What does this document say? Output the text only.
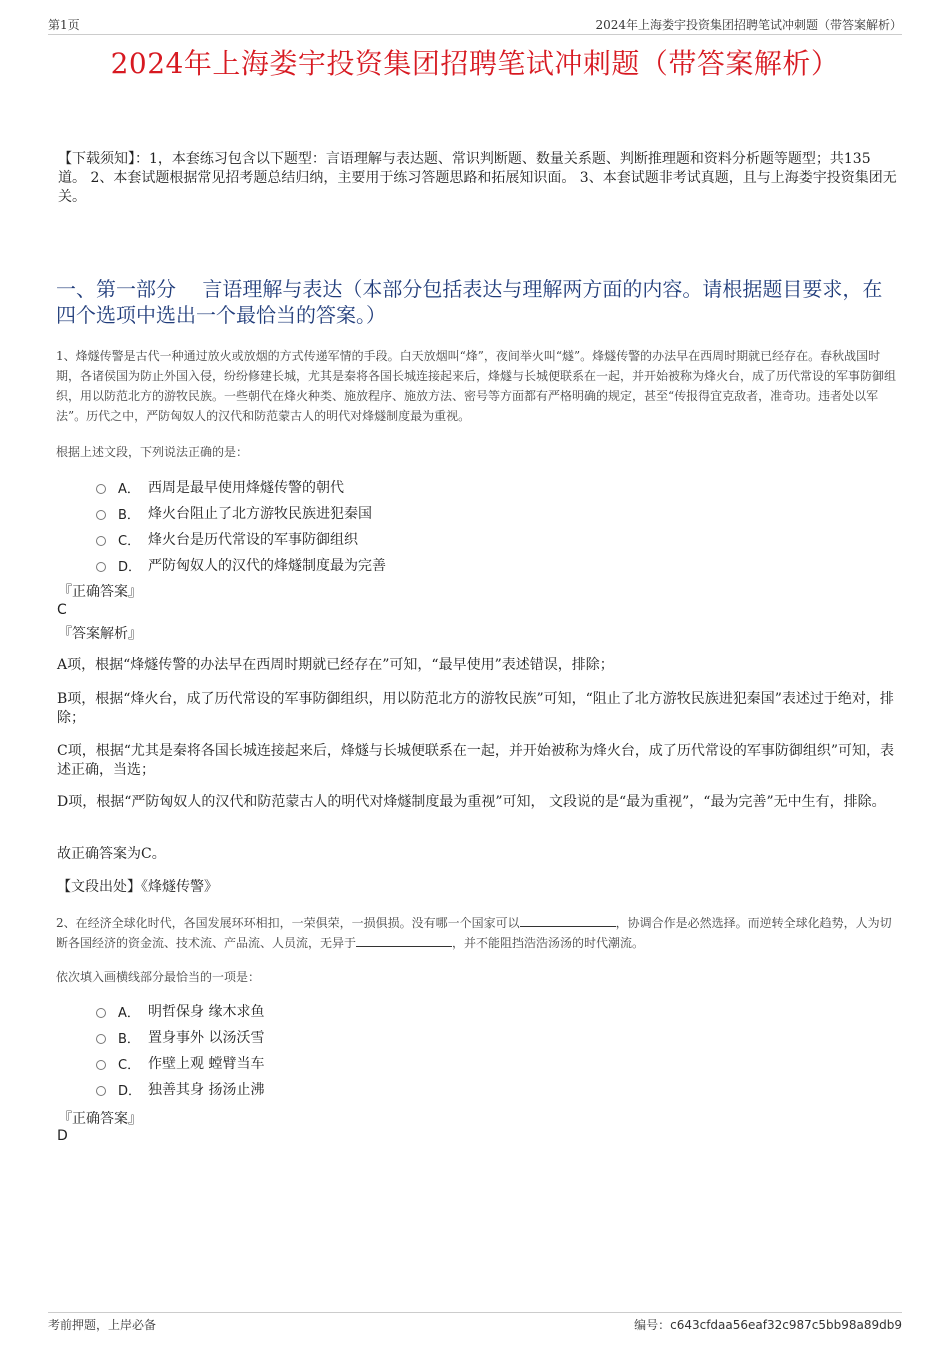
第1页	2024年上海娄宇投资集团招聘笔试冲刺题（带答案解析）
2024年上海娄宇投资集团招聘笔试冲刺题（带答案解析）
【下载须知】：1，本套练习包含以下题型：言语理解与表达题、常识判断题、数量关系题、判断推理题和资料分析题等题型；共135道。 2、本套试题根据常见招考题总结归纳，主要用于练习答题思路和拓展知识面。 3、本套试题非考试真题，且与上海娄宇投资集团无关。
一、第一部分　 言语理解与表达（本部分包括表达与理解两方面的内容。请根据题目要求，在四个选项中选出一个最恰当的答案。）
1、烽燧传警是古代一种通过放火或放烟的方式传递军情的手段。白天放烟叫“烽”，夜间举火叫“燧”。烽燧传警的办法早在西周时期就已经存在。春秋战国时期，各诸侯国为防止外国入侵，纷纷修建长城，尤其是秦将各国长城连接起来后，烽燧与长城便联系在一起，并开始被称为烽火台，成了历代常设的军事防御组织，用以防范北方的游牧民族。一些朝代在烽火种类、施放程序、施放方法、密号等方面都有严格明确的规定，甚至“传报得宜克敌者，准奇功。违者处以军法”。历代之中，严防匈奴人的汉代和防范蒙古人的明代对烽燧制度最为重视。
根据上述文段，下列说法正确的是：
A． 西周是最早使用烽燧传警的朝代
B． 烽火台阻止了北方游牧民族进犯秦国
C． 烽火台是历代常设的军事防御组织
D． 严防匈奴人的汉代的烽燧制度最为完善
『正确答案』
C
『答案解析』
A项，根据“烽燧传警的办法早在西周时期就已经存在”可知，“最早使用”表述错误，排除；
B项，根据“烽火台，成了历代常设的军事防御组织，用以防范北方的游牧民族”可知，“阻止了北方游牧民族进犯秦国”表述过于绝对，排除；
C项，根据“尤其是秦将各国长城连接起来后，烽燧与长城便联系在一起，并开始被称为烽火台，成了历代常设的军事防御组织”可知，表述正确，当选；
D项，根据“严防匈奴人的汉代和防范蒙古人的明代对烽燧制度最为重视”可知， 文段说的是“最为重视”，“最为完善”无中生有，排除。
故正确答案为C。
【文段出处】《烽燧传警》
2、在经济全球化时代，各国发展环环相扣，一荣俱荣，一损俱损。没有哪一个国家可以	，协调合作是必然选择。而逆转全球化趋势，人为切断各国经济的资金流、技术流、产品流、人员流，无异于	，并不能阻挡浩浩汤汤的时代潮流。
依次填入画横线部分最恰当的一项是：
A． 明哲保身 缘木求鱼
B． 置身事外 以汤沃雪
C． 作壁上观 螳臂当车
D． 独善其身 扬汤止沸
『正确答案』
D
考前押题，上岸必备	编号：c643cfdaa56eaf32c987c5bb98a89db9
